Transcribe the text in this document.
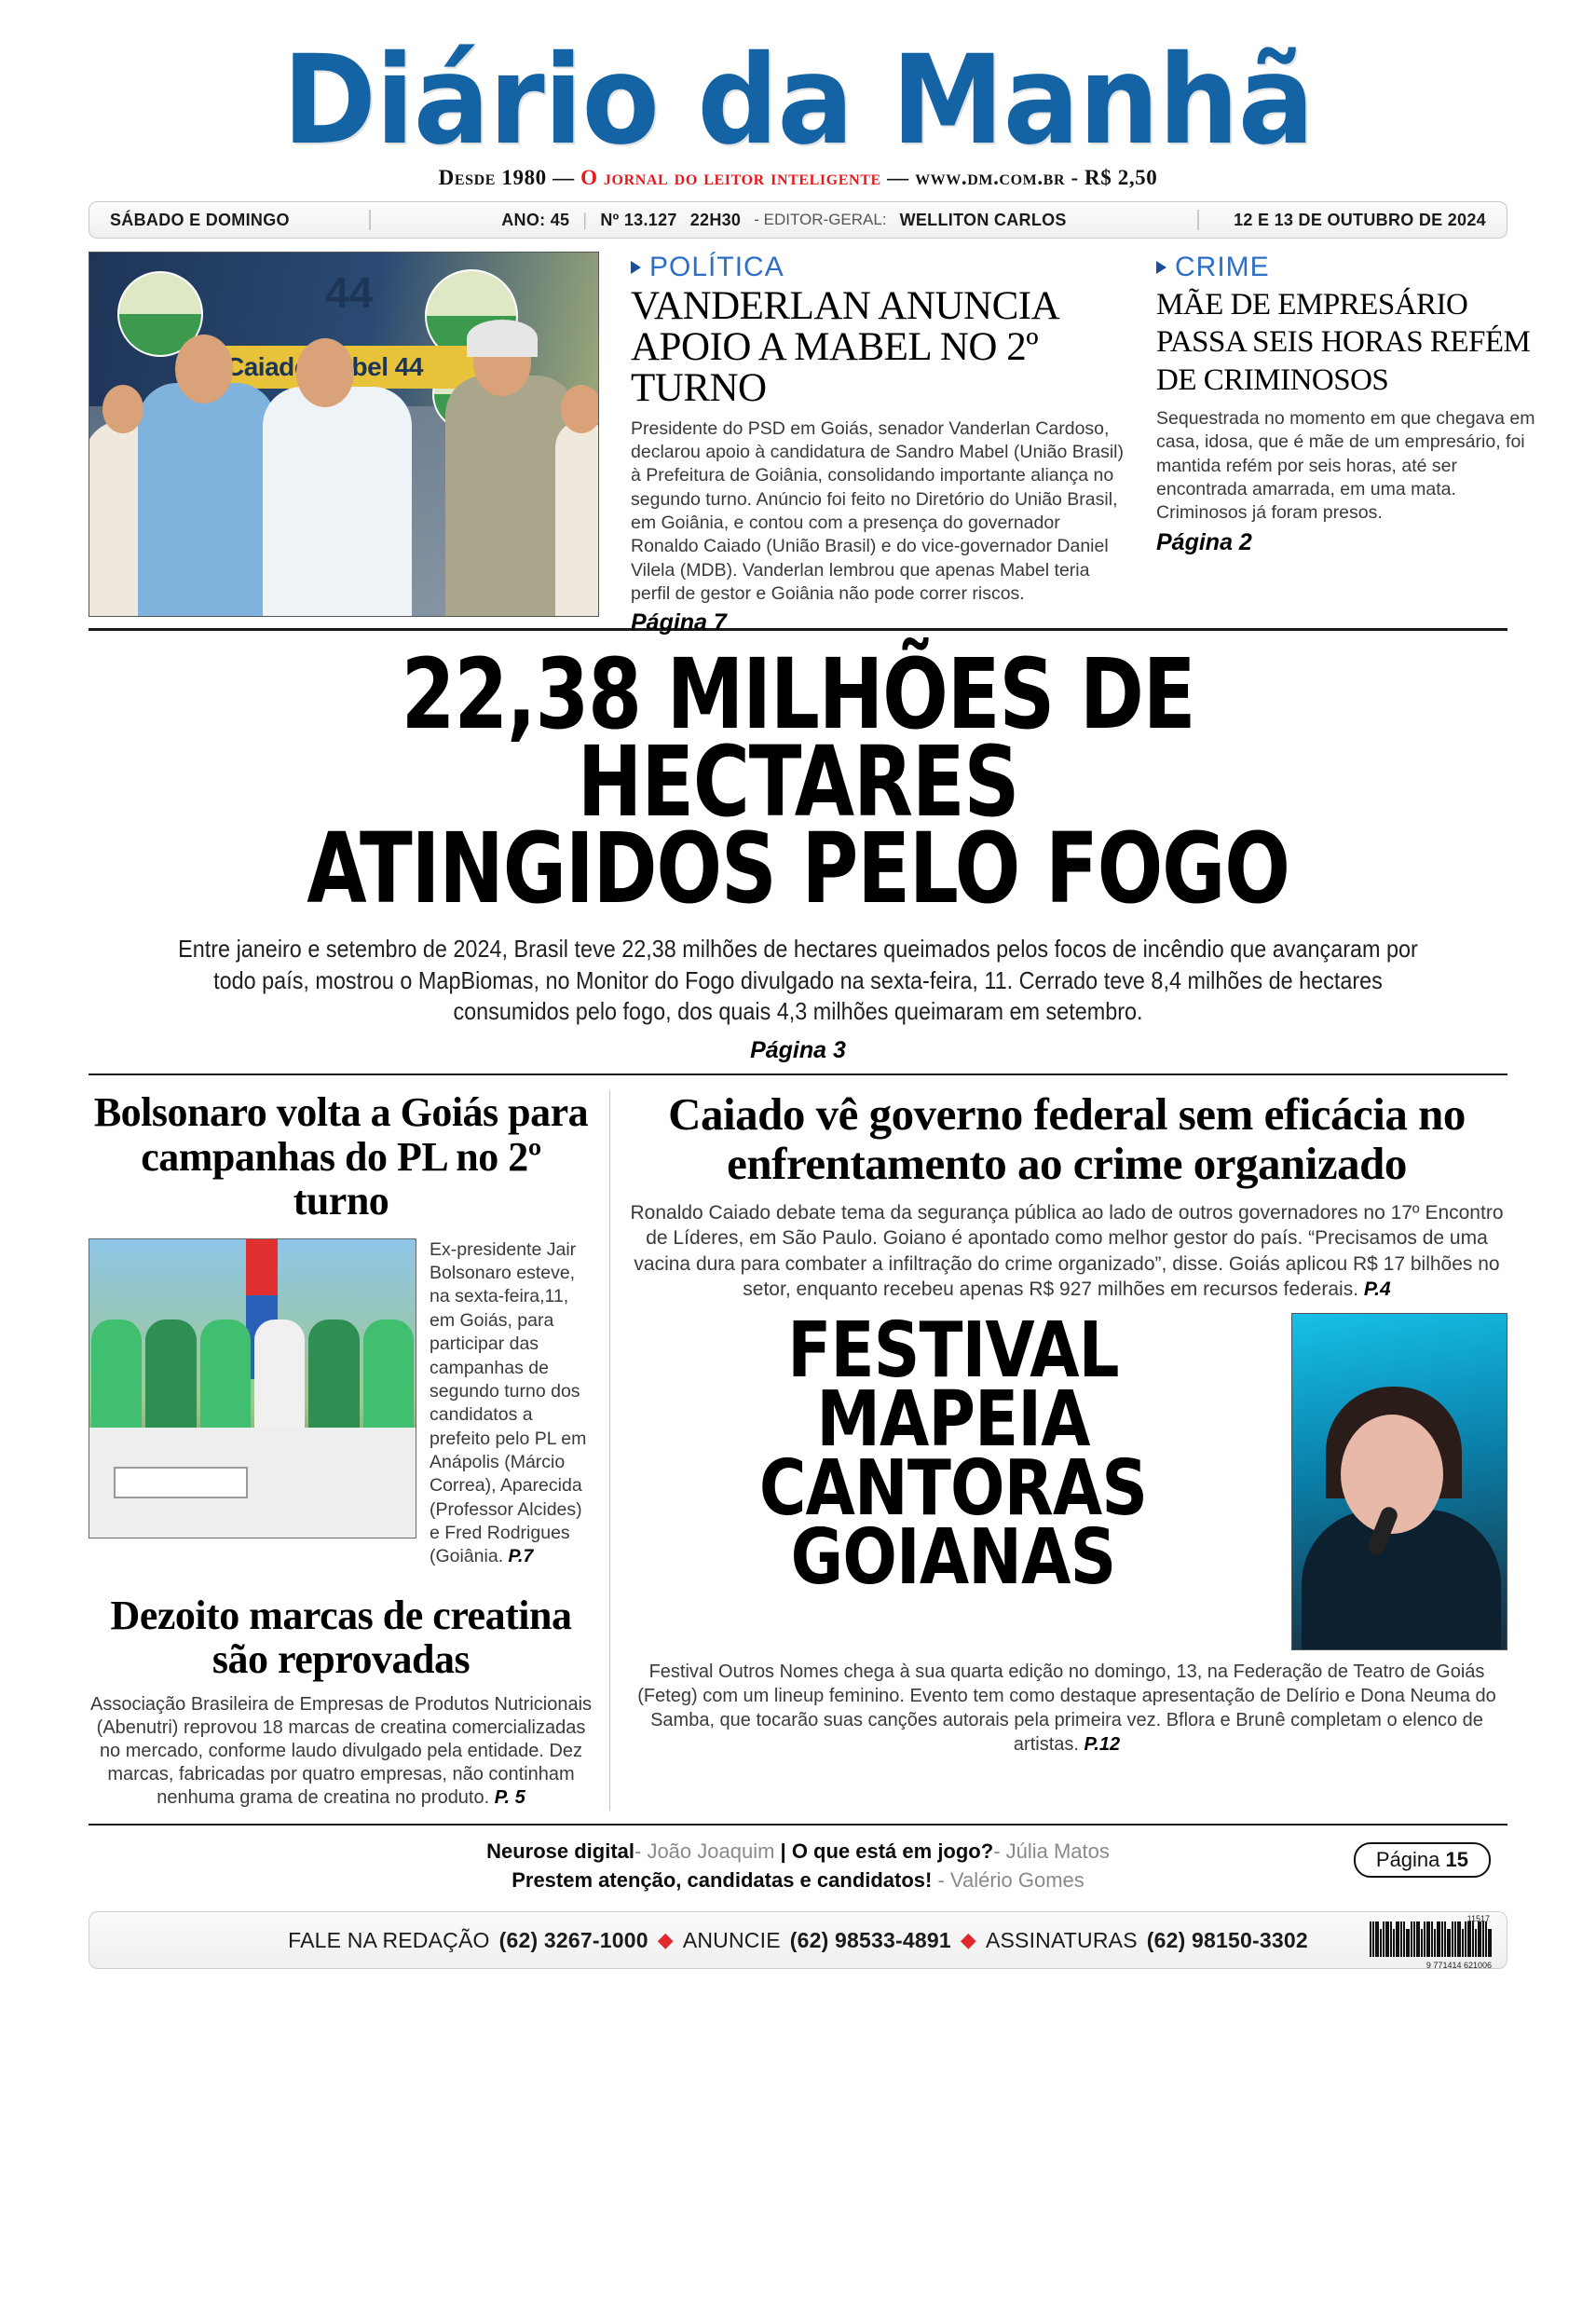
Diário da Manhã
Desde 1980 — O jornal do leitor inteligente — www.dm.com.br - R$ 2,50
SÁBADO E DOMINGO	ANO: 45 | Nº 13.127 22H30 - EDITOR-GERAL: WELLITON CARLOS	12 E 13 DE OUTUBRO DE 2024
44
Caiado Mabel 44
POLÍTICA
VANDERLAN ANUNCIA APOIO A MABEL NO 2º TURNO
Presidente do PSD em Goiás, senador Vanderlan Cardoso, declarou apoio à candidatura de Sandro Mabel (União Brasil) à Prefeitura de Goiânia, consolidando importante aliança no segundo turno. Anúncio foi feito no Diretório do União Brasil, em Goiânia, e contou com a presença do governador Ronaldo Caiado (União Brasil) e do vice-governador Daniel Vilela (MDB). Vanderlan lembrou que apenas Mabel teria perfil de gestor e Goiânia não pode correr riscos.
Página 7
CRIME
MÃE DE EMPRESÁRIO PASSA SEIS HORAS REFÉM DE CRIMINOSOS
Sequestrada no momento em que chegava em casa, idosa, que é mãe de um empresário, foi mantida refém por seis horas, até ser encontrada amarrada, em uma mata. Criminosos já foram presos.
Página 2
22,38 MILHÕES DE HECTARES
ATINGIDOS PELO FOGO
Entre janeiro e setembro de 2024, Brasil teve 22,38 milhões de hectares queimados pelos focos de incêndio que avançaram por todo país, mostrou o MapBiomas, no Monitor do Fogo divulgado na sexta-feira, 11. Cerrado teve 8,4 milhões de hectares consumidos pelo fogo, dos quais 4,3 milhões queimaram em setembro.
Página 3
Bolsonaro volta a Goiás para campanhas do PL no 2º turno
Ex-presidente Jair Bolsonaro esteve, na sexta-feira,11, em Goiás, para participar das campanhas de segundo turno dos candidatos a prefeito pelo PL em Anápolis (Márcio Correa), Aparecida (Professor Alcides) e Fred Rodrigues (Goiânia. P.7
Dezoito marcas de creatina são reprovadas
Associação Brasileira de Empresas de Produtos Nutricionais (Abenutri) reprovou 18 marcas de creatina comercializadas no mercado, conforme laudo divulgado pela entidade. Dez marcas, fabricadas por quatro empresas, não continham nenhuma grama de creatina no produto. P. 5
Caiado vê governo federal sem eficácia no enfrentamento ao crime organizado
Ronaldo Caiado debate tema da segurança pública ao lado de outros governadores no 17º Encontro de Líderes, em São Paulo. Goiano é apontado como melhor gestor do país. “Precisamos de uma vacina dura para combater a infiltração do crime organizado”, disse. Goiás aplicou R$ 17 bilhões no setor, enquanto recebeu apenas R$ 927 milhões em recursos federais. P.4
FESTIVAL
MAPEIA
CANTORAS
GOIANAS
Festival Outros Nomes chega à sua quarta edição no domingo, 13, na Federação de Teatro de Goiás (Feteg) com um lineup feminino. Evento tem como destaque apresentação de Delírio e Dona Neuma do Samba, que tocarão suas canções autorais pela primeira vez. Bflora e Brunê completam o elenco de artistas. P.12
Neurose digital- João Joaquim | O que está em jogo?- Júlia Matos
Prestem atenção, candidatas e candidatos! - Valério Gomes
Página 15
FALE NA REDAÇÃO (62) 3267-1000 ◆ ANUNCIE (62) 98533-4891 ◆ ASSINATURAS (62) 98150-3302
11517
9 771414 621006
